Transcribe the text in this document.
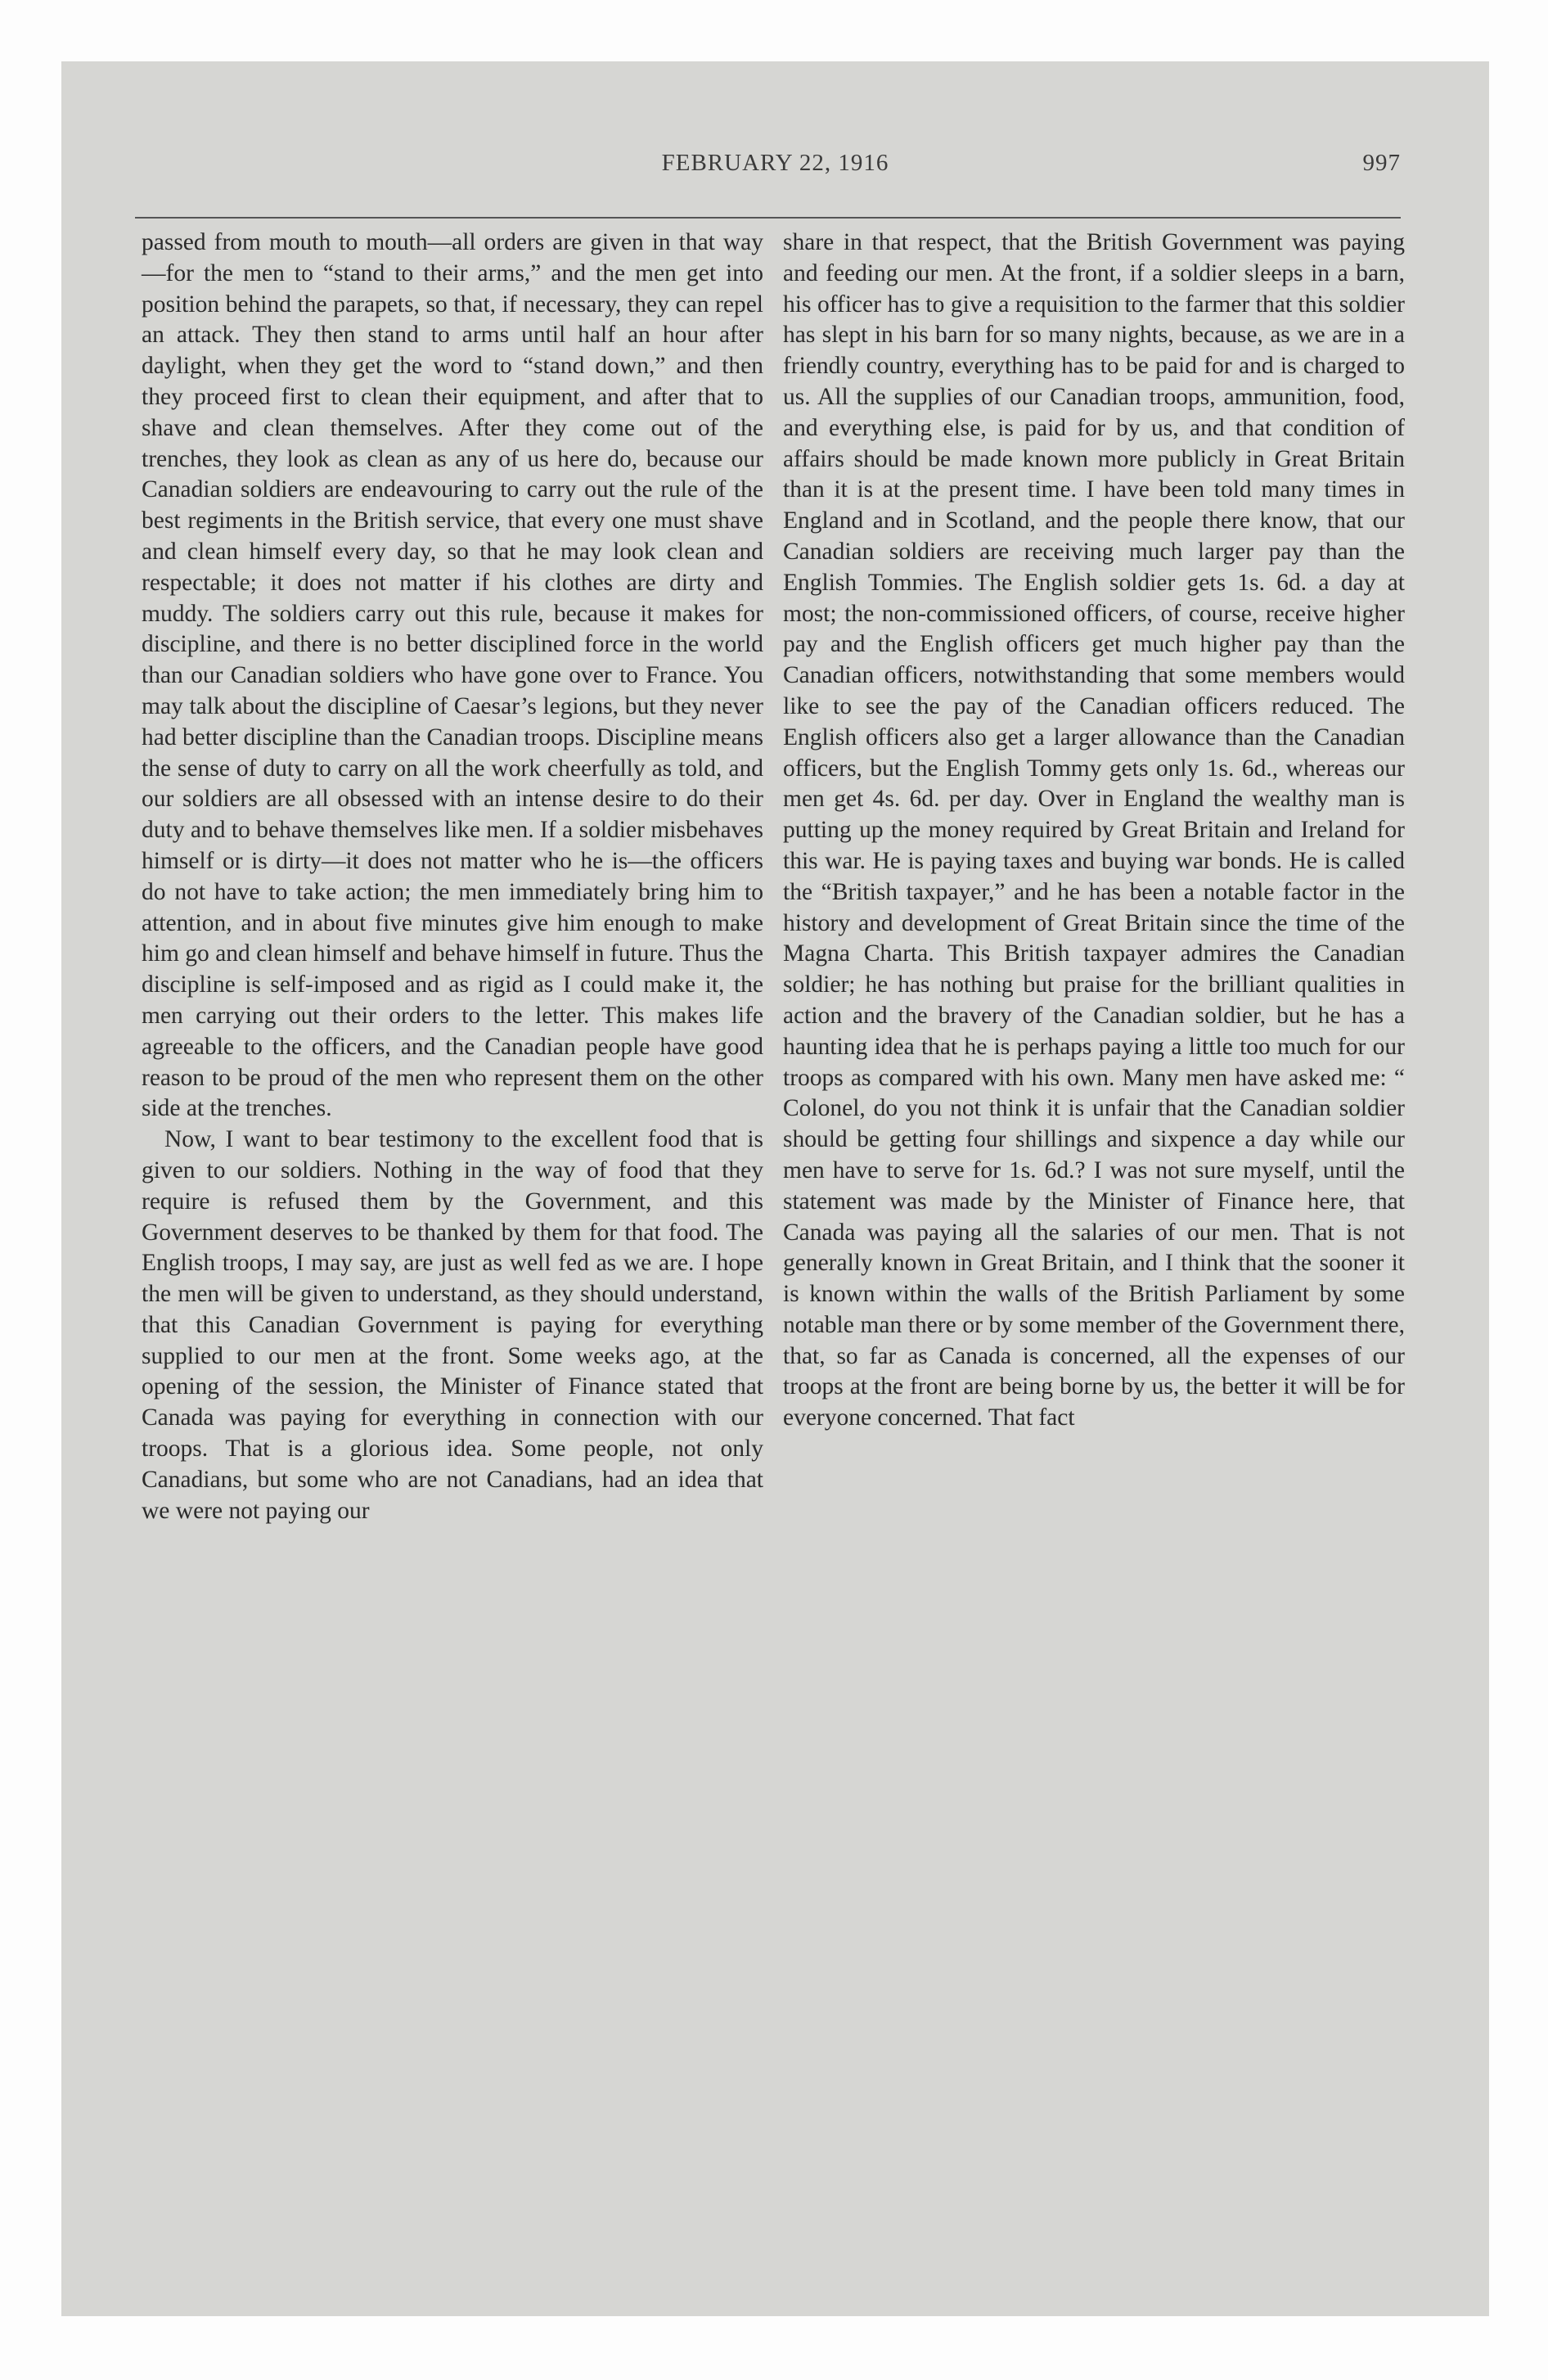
FEBRUARY 22, 1916	997

passed from mouth to mouth—all orders are given in that way—for the men to “stand to their arms,” and the men get into position behind the parapets, so that, if necessary, they can repel an attack. They then stand to arms until half an hour after daylight, when they get the word to “stand down,” and then they proceed first to clean their equipment, and after that to shave and clean themselves. After they come out of the trenches, they look as clean as any of us here do, because our Canadian soldiers are endeavouring to carry out the rule of the best regiments in the British service, that every one must shave and clean himself every day, so that he may look clean and respectable; it does not matter if his clothes are dirty and muddy. The soldiers carry out this rule, because it makes for discipline, and there is no better disciplined force in the world than our Canadian soldiers who have gone over to France. You may talk about the discipline of Caesar’s legions, but they never had better discipline than the Canadian troops. Discipline means the sense of duty to carry on all the work cheerfully as told, and our soldiers are all obsessed with an intense desire to do their duty and to behave themselves like men. If a soldier misbehaves himself or is dirty—it does not matter who he is—the officers do not have to take action; the men immediately bring him to attention, and in about five minutes give him enough to make him go and clean himself and behave himself in future. Thus the discipline is self-imposed and as rigid as I could make it, the men carrying out their orders to the letter. This makes life agreeable to the officers, and the Canadian people have good reason to be proud of the men who represent them on the other side at the trenches.

Now, I want to bear testimony to the excellent food that is given to our soldiers. Nothing in the way of food that they require is refused them by the Government, and this Government deserves to be thanked by them for that food. The English troops, I may say, are just as well fed as we are. I hope the men will be given to understand, as they should understand, that this Canadian Government is paying for everything supplied to our men at the front. Some weeks ago, at the opening of the session, the Minister of Finance stated that Canada was paying for everything in connection with our troops. That is a glorious idea. Some people, not only Canadians, but some who are not Canadians, had an idea that we were not paying our

share in that respect, that the British Government was paying and feeding our men. At the front, if a soldier sleeps in a barn, his officer has to give a requisition to the farmer that this soldier has slept in his barn for so many nights, because, as we are in a friendly country, everything has to be paid for and is charged to us. All the supplies of our Canadian troops, ammunition, food, and everything else, is paid for by us, and that condition of affairs should be made known more publicly in Great Britain than it is at the present time. I have been told many times in England and in Scotland, and the people there know, that our Canadian soldiers are receiving much larger pay than the English Tommies. The English soldier gets 1s. 6d. a day at most; the non-commissioned officers, of course, receive higher pay and the English officers get much higher pay than the Canadian officers, notwithstanding that some members would like to see the pay of the Canadian officers reduced. The English officers also get a larger allowance than the Canadian officers, but the English Tommy gets only 1s. 6d., whereas our men get 4s. 6d. per day. Over in England the wealthy man is putting up the money required by Great Britain and Ireland for this war. He is paying taxes and buying war bonds. He is called the “British taxpayer,” and he has been a notable factor in the history and development of Great Britain since the time of the Magna Charta. This British taxpayer admires the Canadian soldier; he has nothing but praise for the brilliant qualities in action and the bravery of the Canadian soldier, but he has a haunting idea that he is perhaps paying a little too much for our troops as compared with his own. Many men have asked me: “ Colonel, do you not think it is unfair that the Canadian soldier should be getting four shillings and sixpence a day while our men have to serve for 1s. 6d.? I was not sure myself, until the statement was made by the Minister of Finance here, that Canada was paying all the salaries of our men. That is not generally known in Great Britain, and I think that the sooner it is known within the walls of the British Parliament by some notable man there or by some member of the Government there, that, so far as Canada is concerned, all the expenses of our troops at the front are being borne by us, the better it will be for everyone concerned. That fact
